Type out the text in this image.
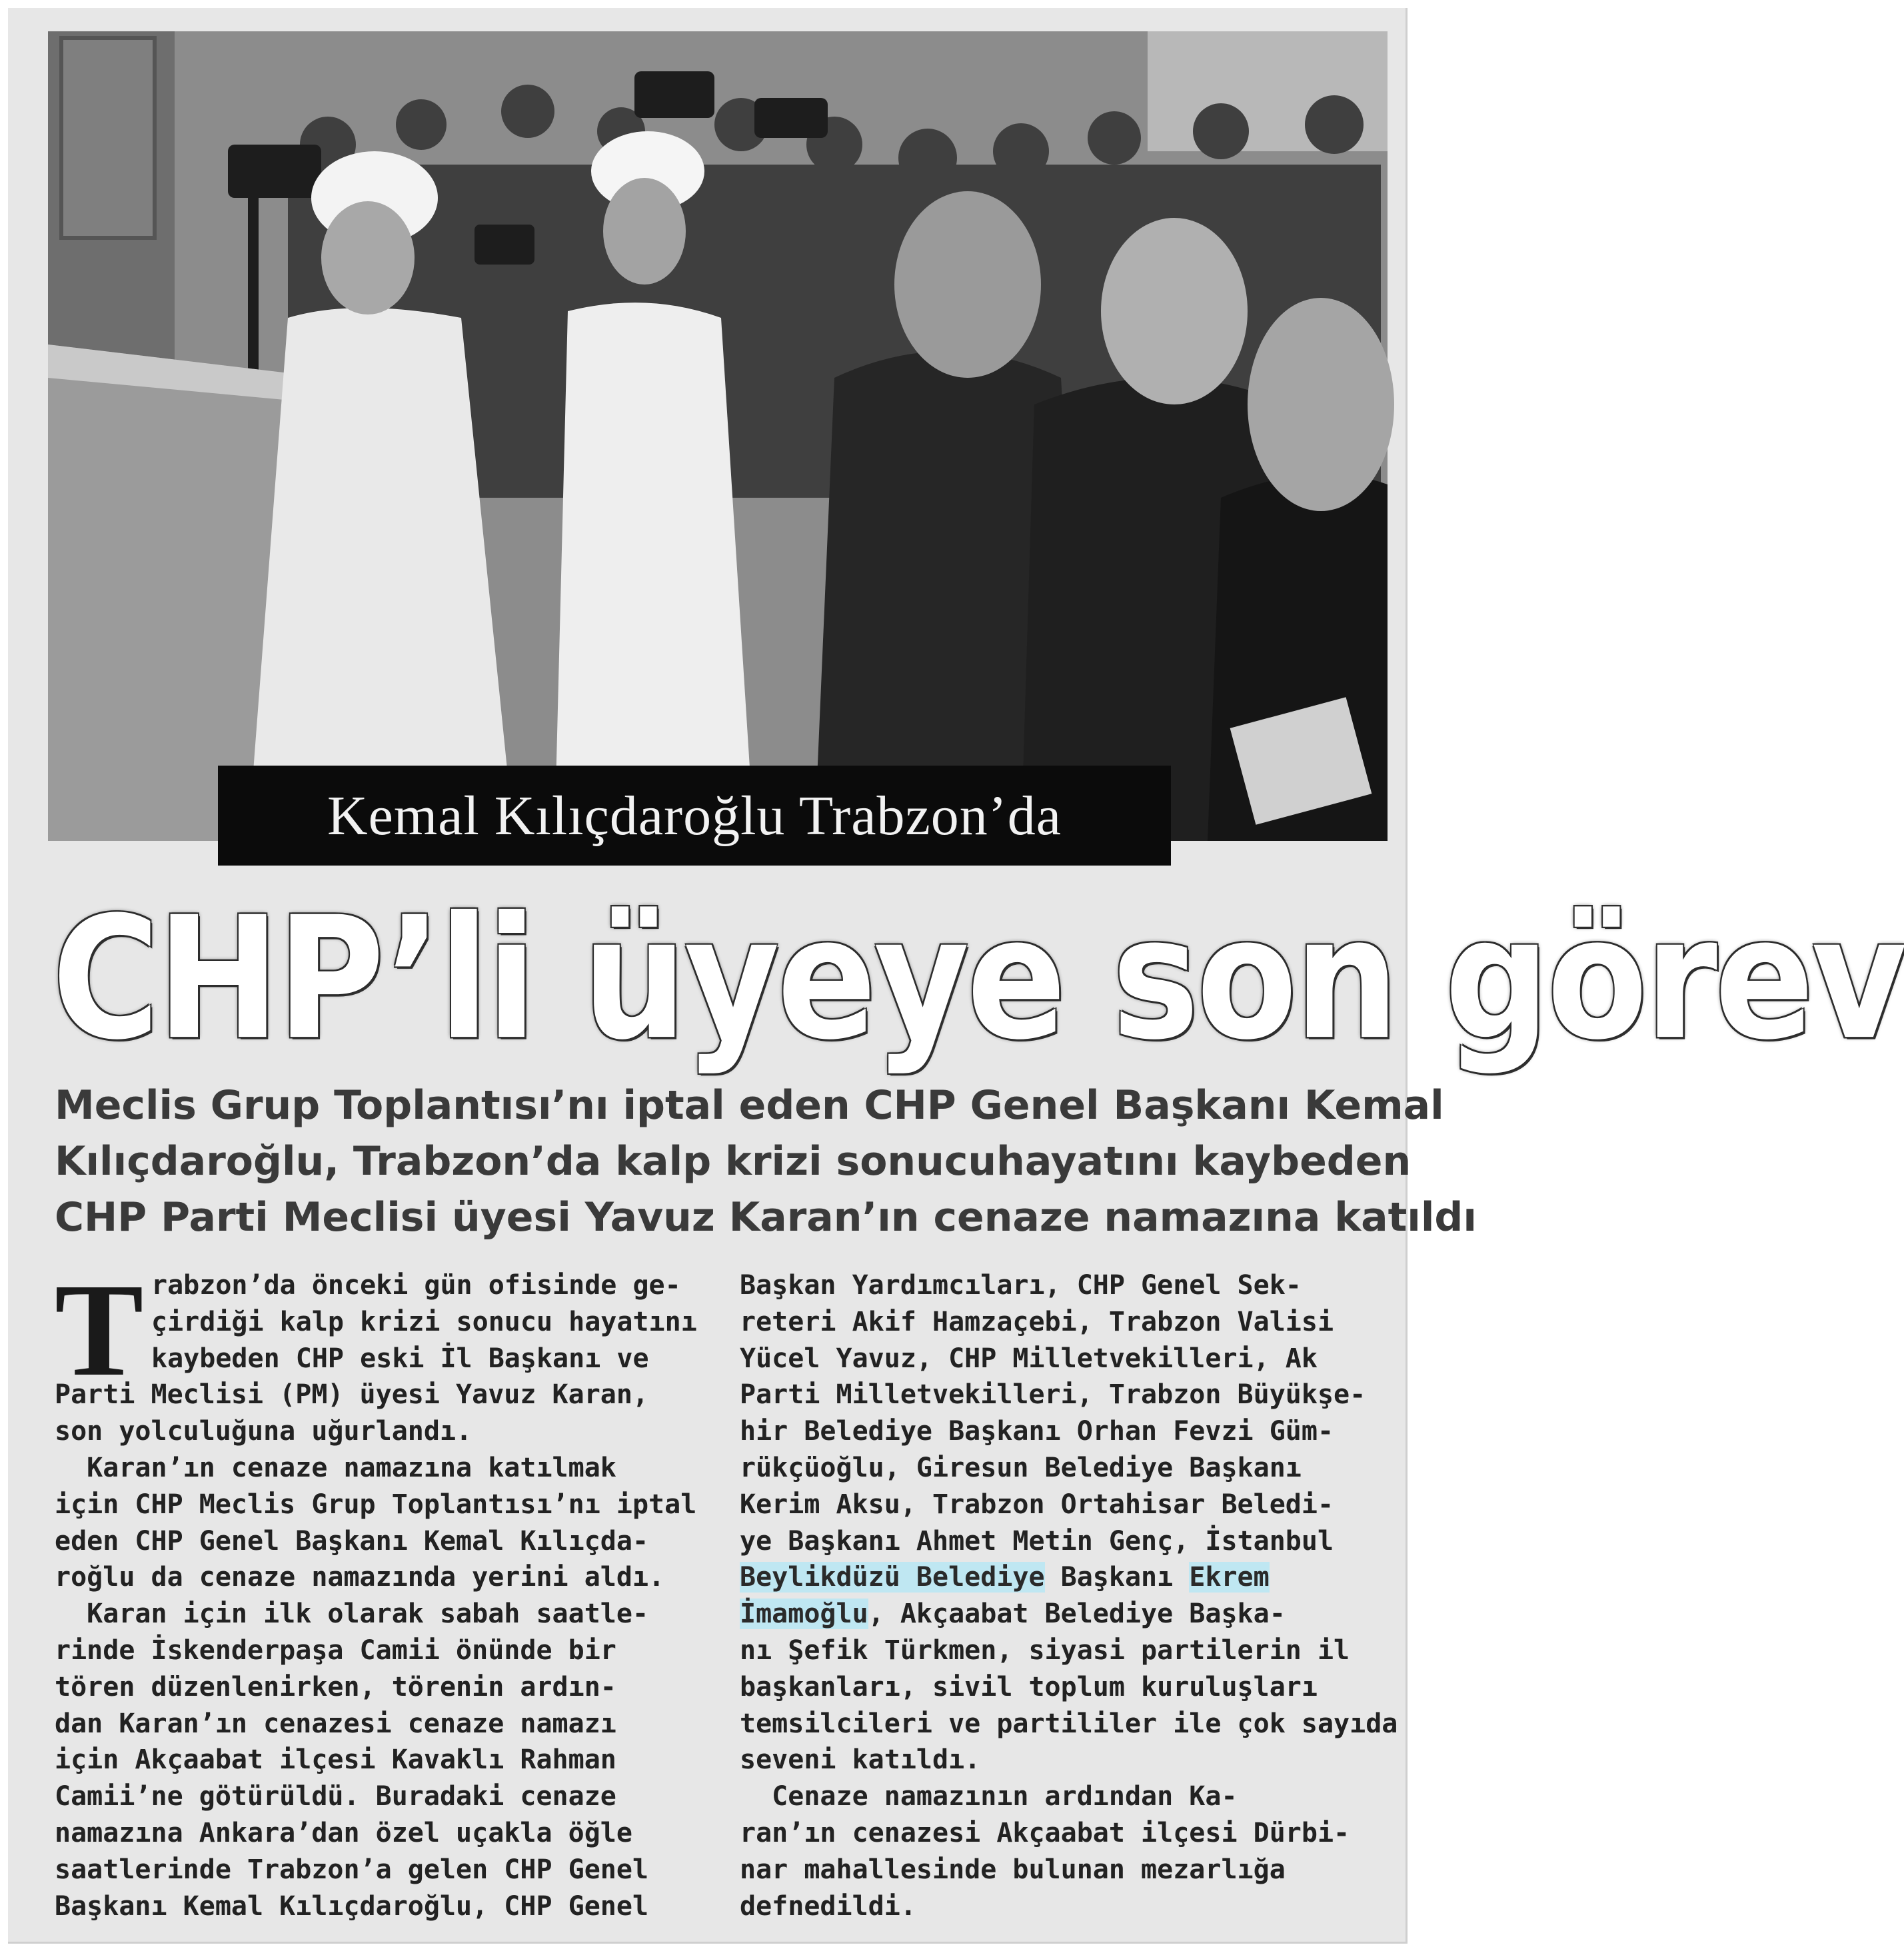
Kemal Kılıçdaroğlu Trabzon’da
CHP’li üyeye son görev
Meclis Grup Toplantısı’nı iptal eden CHP Genel Başkanı Kemal
Kılıçdaroğlu, Trabzon’da kalp krizi sonucuhayatını kaybeden
CHP Parti Meclisi üyesi Yavuz Karan’ın cenaze namazına katıldı
T rabzon’da önceki gün ofisinde ge-
çirdiği kalp krizi sonucu hayatını
kaybeden CHP eski İl Başkanı ve
Parti Meclisi (PM) üyesi Yavuz Karan,
son yolculuğuna uğurlandı.
Karan’ın cenaze namazına katılmak
için CHP Meclis Grup Toplantısı’nı iptal
eden CHP Genel Başkanı Kemal Kılıçda-
roğlu da cenaze namazında yerini aldı.
Karan için ilk olarak sabah saatle-
rinde İskenderpaşa Camii önünde bir
tören düzenlenirken, törenin ardın-
dan Karan’ın cenazesi cenaze namazı
için Akçaabat ilçesi Kavaklı Rahman
Camii’ne götürüldü. Buradaki cenaze
namazına Ankara’dan özel uçakla öğle
saatlerinde Trabzon’a gelen CHP Genel
Başkanı Kemal Kılıçdaroğlu, CHP Genel
Başkan Yardımcıları, CHP Genel Sek-
reteri Akif Hamzaçebi, Trabzon Valisi
Yücel Yavuz, CHP Milletvekilleri, Ak
Parti Milletvekilleri, Trabzon Büyükşe-
hir Belediye Başkanı Orhan Fevzi Güm-
rükçüoğlu, Giresun Belediye Başkanı
Kerim Aksu, Trabzon Ortahisar Beledi-
ye Başkanı Ahmet Metin Genç, İstanbul
Beylikdüzü Belediye Başkanı Ekrem
İmamoğlu, Akçaabat Belediye Başka-
nı Şefik Türkmen, siyasi partilerin il
başkanları, sivil toplum kuruluşları
temsilcileri ve partililer ile çok sayıda
seveni katıldı.
Cenaze namazının ardından Ka-
ran’ın cenazesi Akçaabat ilçesi Dürbi-
nar mahallesinde bulunan mezarlığa
defnedildi.
